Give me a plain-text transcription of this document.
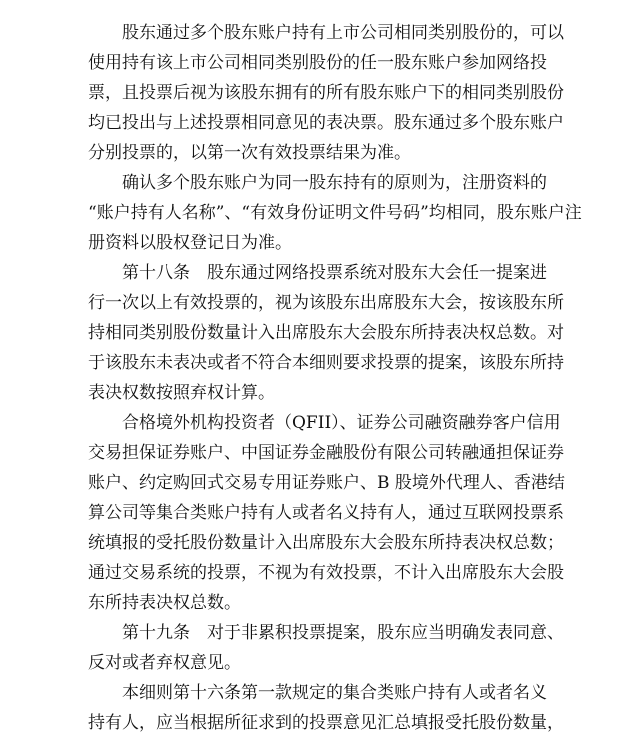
股东通过多个股东账户持有上市公司相同类别股份的，可以
使用持有该上市公司相同类别股份的任一股东账户参加网络投
票，且投票后视为该股东拥有的所有股东账户下的相同类别股份
均已投出与上述投票相同意见的表决票。股东通过多个股东账户
分别投票的，以第一次有效投票结果为准。
确认多个股东账户为同一股东持有的原则为，注册资料的
“账户持有人名称”、“有效身份证明文件号码”均相同，股东账户注
册资料以股权登记日为准。
第十八条　股东通过网络投票系统对股东大会任一提案进
行一次以上有效投票的，视为该股东出席股东大会，按该股东所
持相同类别股份数量计入出席股东大会股东所持表决权总数。对
于该股东未表决或者不符合本细则要求投票的提案，该股东所持
表决权数按照弃权计算。
合格境外机构投资者（QFII）、证券公司融资融券客户信用
交易担保证券账户、中国证券金融股份有限公司转融通担保证券
账户、约定购回式交易专用证券账户、B 股境外代理人、香港结
算公司等集合类账户持有人或者名义持有人，通过互联网投票系
统填报的受托股份数量计入出席股东大会股东所持表决权总数；
通过交易系统的投票，不视为有效投票，不计入出席股东大会股
东所持表决权总数。
第十九条　对于非累积投票提案，股东应当明确发表同意、
反对或者弃权意见。
本细则第十六条第一款规定的集合类账户持有人或者名义
持有人，应当根据所征求到的投票意见汇总填报受托股份数量，
